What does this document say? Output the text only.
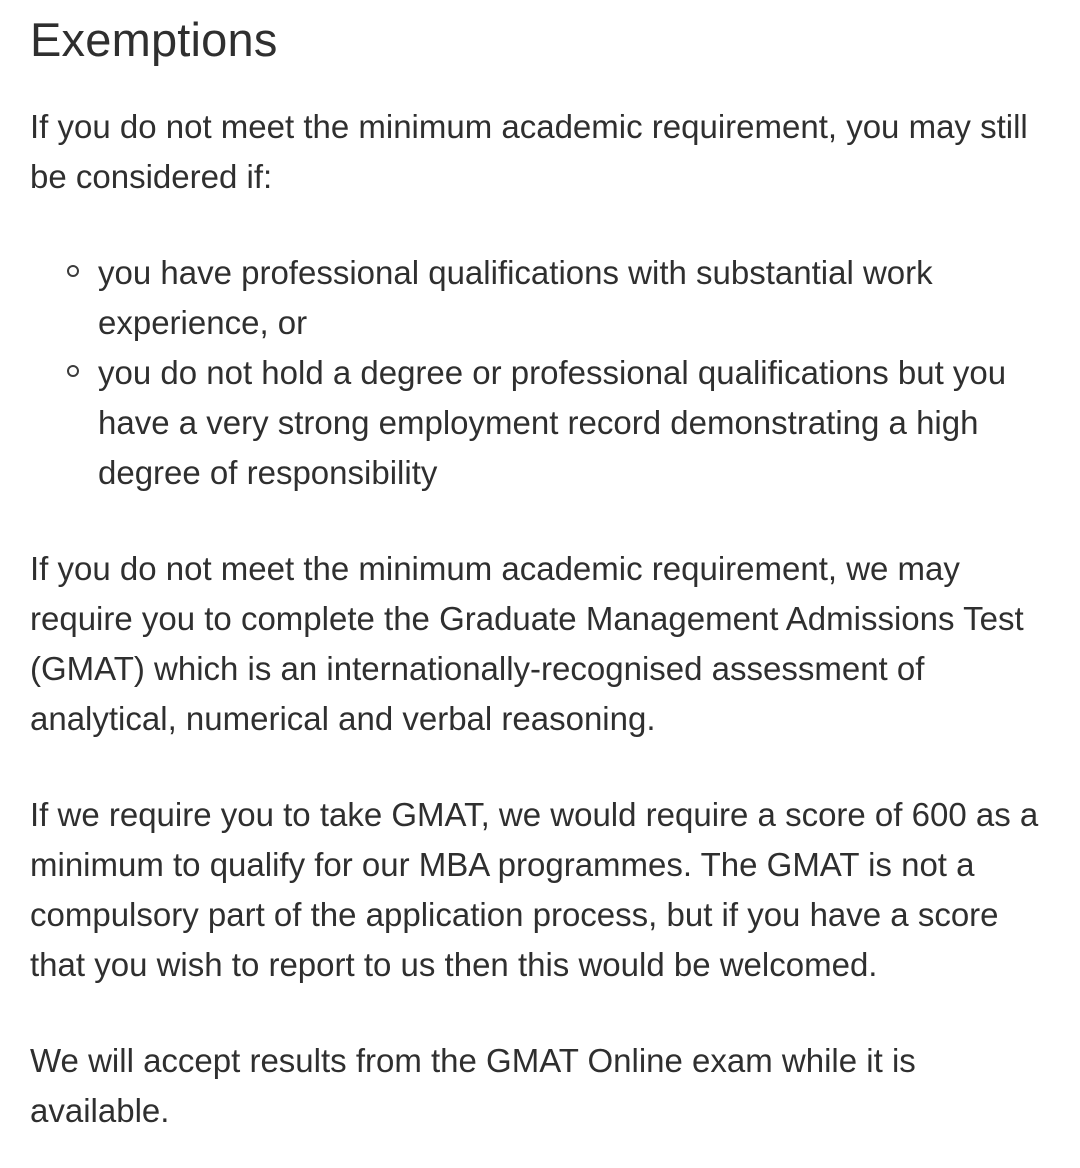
Exemptions

If you do not meet the minimum academic requirement, you may still be considered if:

you have professional qualifications with substantial work experience, or
you do not hold a degree or professional qualifications but you have a very strong employment record demonstrating a high degree of responsibility

If you do not meet the minimum academic requirement, we may require you to complete the Graduate Management Admissions Test (GMAT) which is an internationally-recognised assessment of analytical, numerical and verbal reasoning.

If we require you to take GMAT, we would require a score of 600 as a minimum to qualify for our MBA programmes. The GMAT is not a compulsory part of the application process, but if you have a score that you wish to report to us then this would be welcomed.

We will accept results from the GMAT Online exam while it is available.
